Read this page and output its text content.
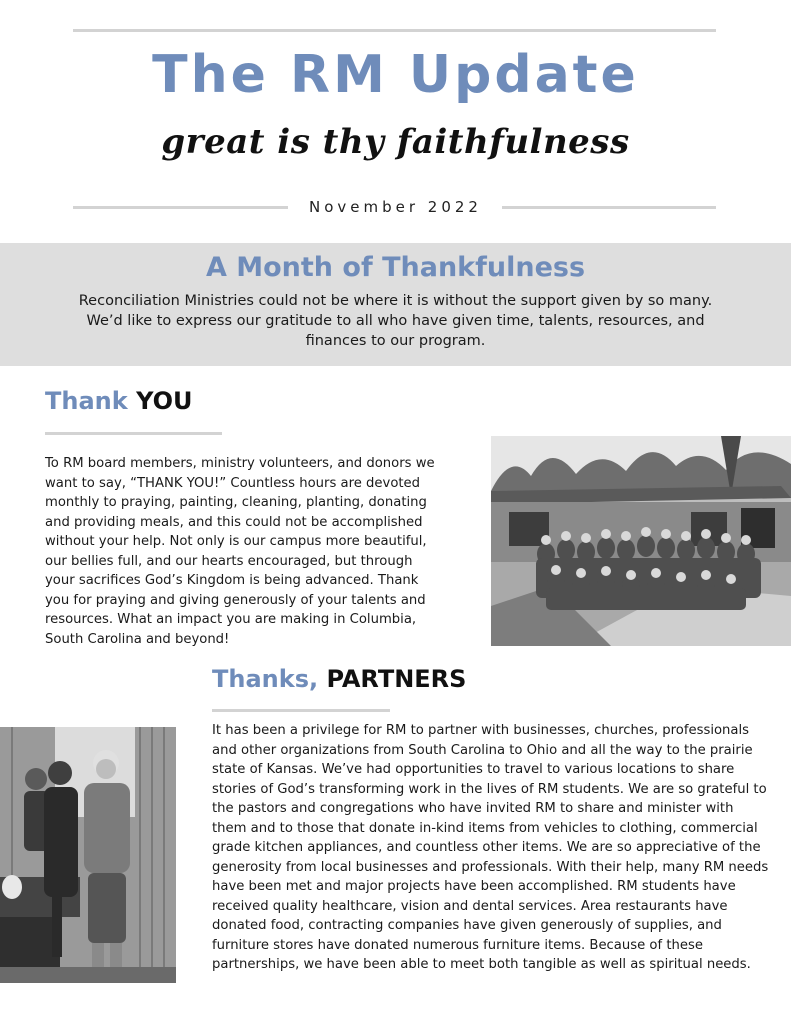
The RM Update
great is thy faithfulness
November 2022
A Month of Thankfulness

Reconciliation Ministries could not be where it is without the support given by so many. We’d like to express our gratitude to all who have given time, talents, resources, and finances to our program.

Thank YOU

To RM board members, ministry volunteers, and donors we want to say, “THANK YOU!” Countless hours are devoted monthly to praying, painting, cleaning, planting, donating and providing meals, and this could not be accomplished without your help. Not only is our campus more beautiful, our bellies full, and our hearts encouraged, but through your sacrifices God’s Kingdom is being advanced. Thank you for praying and giving generously of your talents and resources. What an impact you are making in Columbia, South Carolina and beyond!

Thanks, PARTNERS

It has been a privilege for RM to partner with businesses, churches, professionals and other organizations from South Carolina to Ohio and all the way to the prairie state of Kansas. We’ve had opportunities to travel to various locations to share stories of God’s transforming work in the lives of RM students. We are so grateful to the pastors and congregations who have invited RM to share and minister with them and to those that donate in-kind items from vehicles to clothing, commercial grade kitchen appliances, and countless other items. We are so appreciative of the generosity from local businesses and professionals. With their help, many RM needs have been met and major projects have been accomplished. RM students have received quality healthcare, vision and dental services. Area restaurants have donated food, contracting companies have given generously of supplies, and furniture stores have donated numerous furniture items. Because of these partnerships, we have been able to meet both tangible as well as spiritual needs.
